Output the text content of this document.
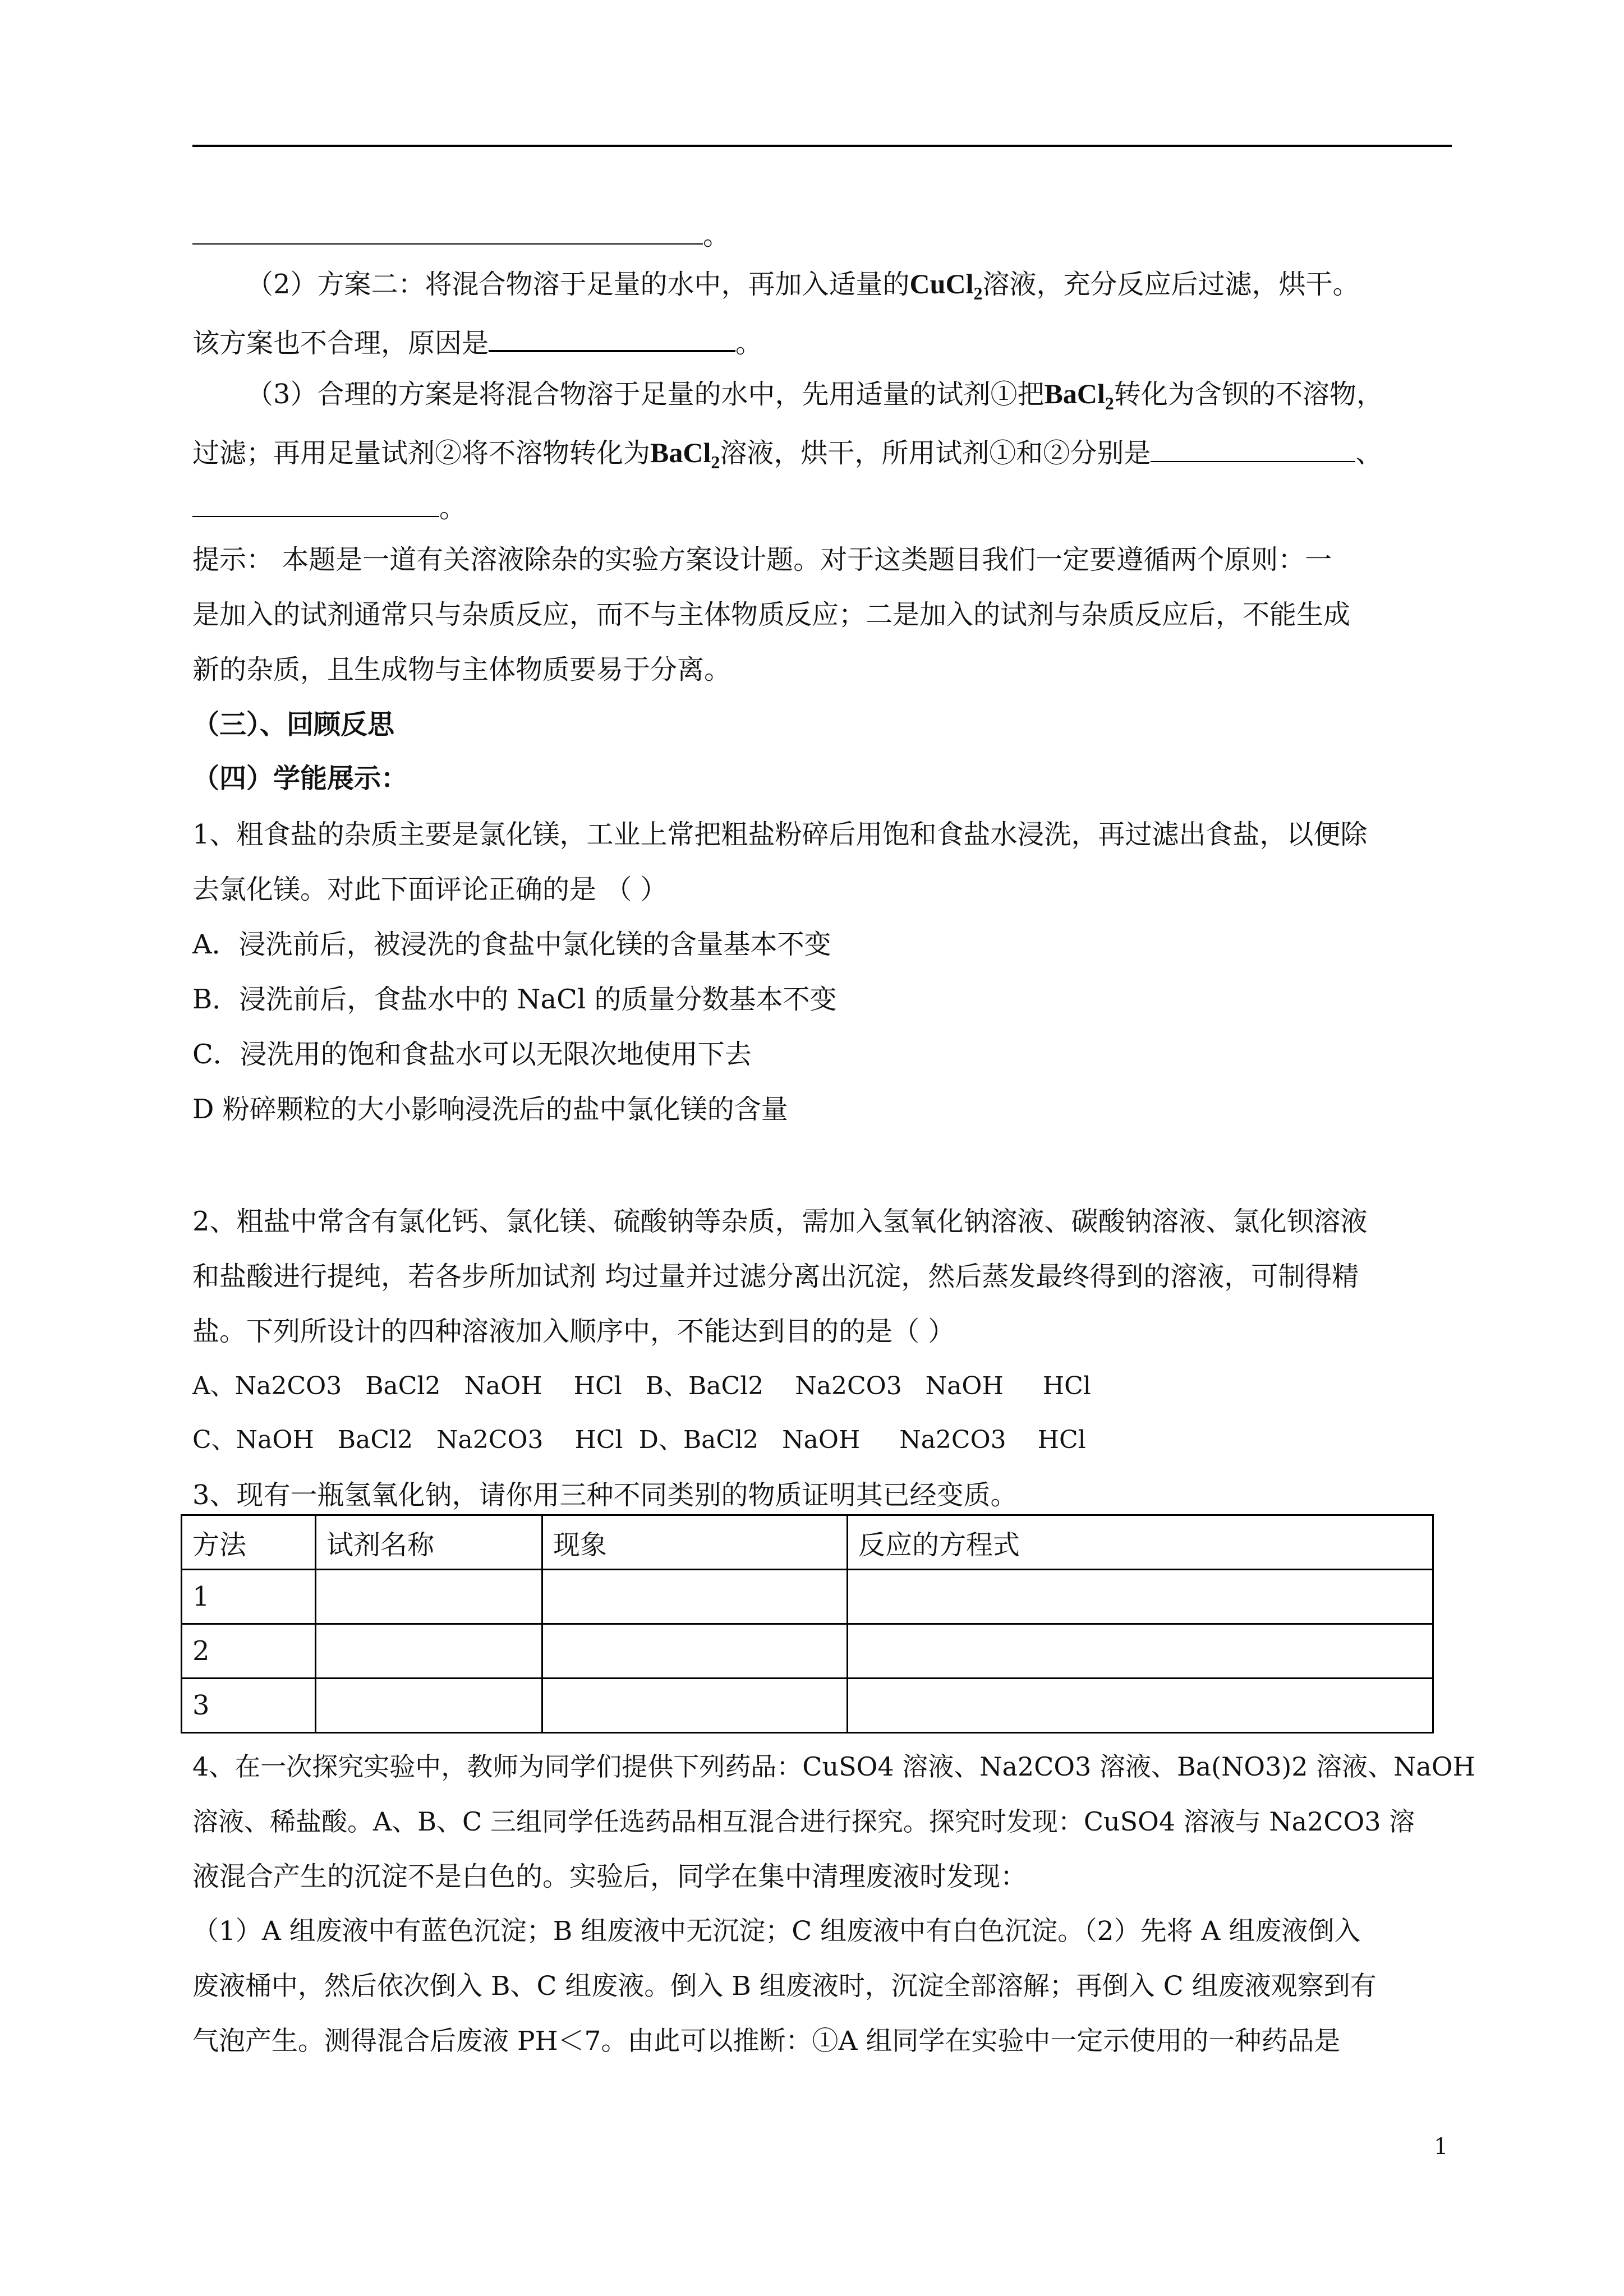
。
（2）方案二：将混合物溶于足量的水中，再加入适量的CuCl$_2$溶液，充分反应后过滤，烘干。
该方案也不合理，原因是	。
（3）合理的方案是将混合物溶于足量的水中，先用适量的试剂①把BaCl$_2$转化为含钡的不溶物，
过滤；再用足量试剂②将不溶物转化为BaCl$_2$溶液，烘干，所用试剂①和②分别是	、
。
提示： 本题是一道有关溶液除杂的实验方案设计题。对于这类题目我们一定要遵循两个原则：一
是加入的试剂通常只与杂质反应，而不与主体物质反应；二是加入的试剂与杂质反应后，不能生成
新的杂质，且生成物与主体物质要易于分离。
（三）、回顾反思
（四）学能展示：
1、粗食盐的杂质主要是氯化镁，工业上常把粗盐粉碎后用饱和食盐水浸洗，再过滤出食盐，以便除
去氯化镁。对此下面评论正确的是 （ ）
A．浸洗前后，被浸洗的食盐中氯化镁的含量基本不变
B．浸洗前后，食盐水中的 NaCl 的质量分数基本不变
C．浸洗用的饱和食盐水可以无限次地使用下去
D 粉碎颗粒的大小影响浸洗后的盐中氯化镁的含量
2、粗盐中常含有氯化钙、氯化镁、硫酸钠等杂质，需加入氢氧化钠溶液、碳酸钠溶液、氯化钡溶液
和盐酸进行提纯，若各步所加试剂 均过量并过滤分离出沉淀，然后蒸发最终得到的溶液，可制得精
盐。下列所设计的四种溶液加入顺序中，不能达到目的的是（ ）
A、Na2CO3   BaCl2   NaOH    HCl B、BaCl2    Na2CO3   NaOH     HCl
C、NaOH   BaCl2   Na2CO3    HCl D、BaCl2   NaOH     Na2CO3    HCl
3、现有一瓶氢氧化钠，请你用三种不同类别的物质证明其已经变质。
方法	试剂名称	现象	反应的方程式
1			
2			
3			
4、在一次探究实验中，教师为同学们提供下列药品：CuSO4 溶液、Na2CO3 溶液、Ba(NO3)2 溶液、NaOH
溶液、稀盐酸。A、B、C 三组同学任选药品相互混合进行探究。探究时发现：CuSO4 溶液与 Na2CO3 溶
液混合产生的沉淀不是白色的。实验后，同学在集中清理废液时发现：
（1）A 组废液中有蓝色沉淀；B 组废液中无沉淀；C 组废液中有白色沉淀。（2）先将 A 组废液倒入
废液桶中，然后依次倒入 B、C 组废液。倒入 B 组废液时，沉淀全部溶解；再倒入 C 组废液观察到有
气泡产生。测得混合后废液 PH＜7。由此可以推断：①A 组同学在实验中一定示使用的一种药品是
1
